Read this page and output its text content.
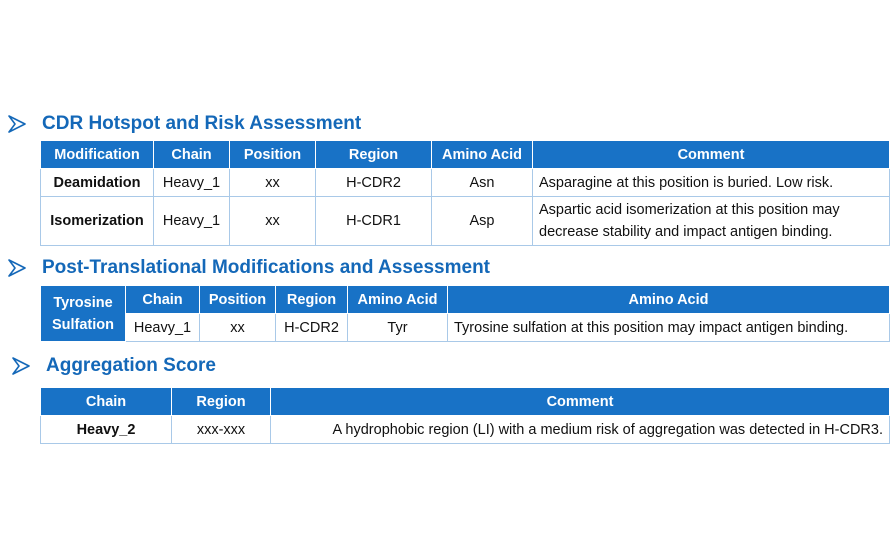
CDR Hotspot and Risk Assessment
Modification	Chain	Position	Region	Amino Acid	Comment
Deamidation	Heavy_1	xx	H-CDR2	Asn	Asparagine at this position is buried. Low risk.
Isomerization	Heavy_1	xx	H-CDR1	Asp	Aspartic acid isomerization at this position may decrease stability and impact antigen binding.
Post-Translational Modifications and Assessment
Tyrosine Sulfation	Chain	Position	Region	Amino Acid	Amino Acid
	Heavy_1	xx	H-CDR2	Tyr	Tyrosine sulfation at this position may impact antigen binding.
Aggregation Score
Chain	Region	Comment
Heavy_2	xxx-xxx	A hydrophobic region (LI) with a medium risk of aggregation was detected in H-CDR3.
